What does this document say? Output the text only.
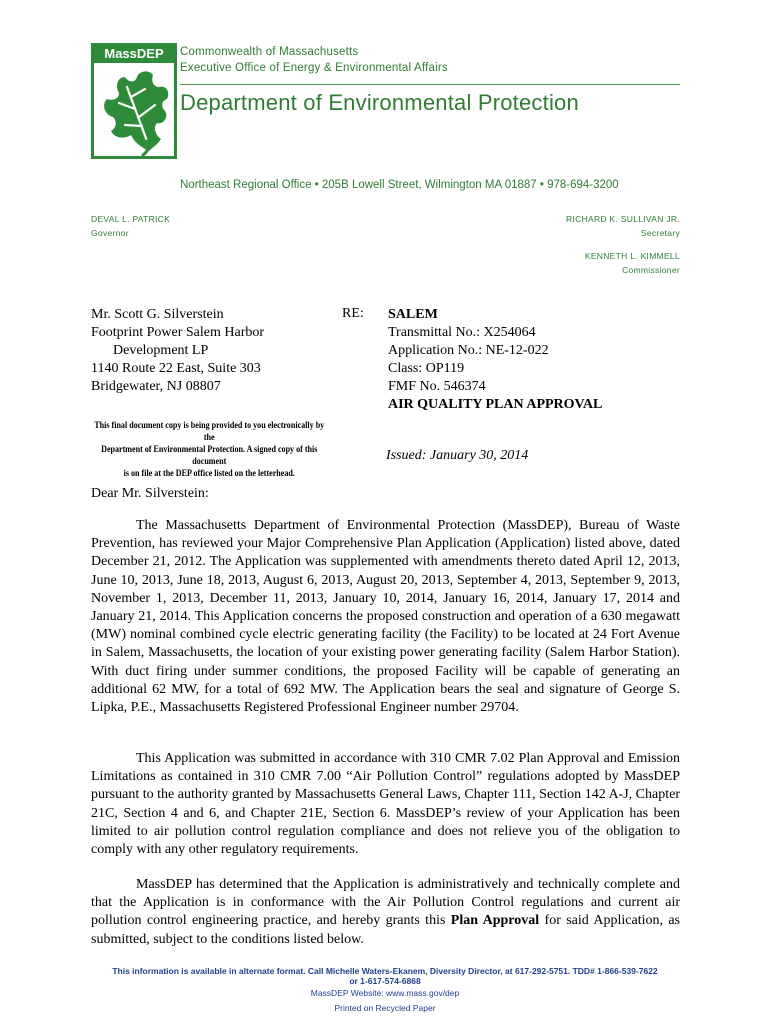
MassDEP Commonwealth of Massachusetts
Executive Office of Energy & Environmental Affairs
Department of Environmental Protection
Northeast Regional Office • 205B Lowell Street, Wilmington MA 01887 • 978-694-3200
DEVAL L. PATRICK
Governor
RICHARD K. SULLIVAN JR.
Secretary
KENNETH L. KIMMELL
Commissioner
Mr. Scott G. Silverstein
Footprint Power Salem Harbor
Development LP
1140 Route 22 East, Suite 303
Bridgewater, NJ 08807
RE: SALEM
Transmittal No.: X254064
Application No.: NE-12-022
Class: OP119
FMF No. 546374
AIR QUALITY PLAN APPROVAL
This final document copy is being provided to you electronically by the
Department of Environmental Protection. A signed copy of this document
is on file at the DEP office listed on the letterhead.
Issued: January 30, 2014
Dear Mr. Silverstein:
The Massachusetts Department of Environmental Protection (MassDEP), Bureau of Waste Prevention, has reviewed your Major Comprehensive Plan Application (Application) listed above, dated December 21, 2012. The Application was supplemented with amendments thereto dated April 12, 2013, June 10, 2013, June 18, 2013, August 6, 2013, August 20, 2013, September 4, 2013, September 9, 2013, November 1, 2013, December 11, 2013, January 10, 2014, January 16, 2014, January 17, 2014 and January 21, 2014. This Application concerns the proposed construction and operation of a 630 megawatt (MW) nominal combined cycle electric generating facility (the Facility) to be located at 24 Fort Avenue in Salem, Massachusetts, the location of your existing power generating facility (Salem Harbor Station). With duct firing under summer conditions, the proposed Facility will be capable of generating an additional 62 MW, for a total of 692 MW. The Application bears the seal and signature of George S. Lipka, P.E., Massachusetts Registered Professional Engineer number 29704.
This Application was submitted in accordance with 310 CMR 7.02 Plan Approval and Emission Limitations as contained in 310 CMR 7.00 “Air Pollution Control” regulations adopted by MassDEP pursuant to the authority granted by Massachusetts General Laws, Chapter 111, Section 142 A-J, Chapter 21C, Section 4 and 6, and Chapter 21E, Section 6. MassDEP’s review of your Application has been limited to air pollution control regulation compliance and does not relieve you of the obligation to comply with any other regulatory requirements.
MassDEP has determined that the Application is administratively and technically complete and that the Application is in conformance with the Air Pollution Control regulations and current air pollution control engineering practice, and hereby grants this Plan Approval for said Application, as submitted, subject to the conditions listed below.
This information is available in alternate format. Call Michelle Waters-Ekanem, Diversity Director, at 617-292-5751. TDD# 1-866-539-7622
or 1-617-574-6868
MassDEP Website: www.mass.gov/dep
Printed on Recycled Paper
